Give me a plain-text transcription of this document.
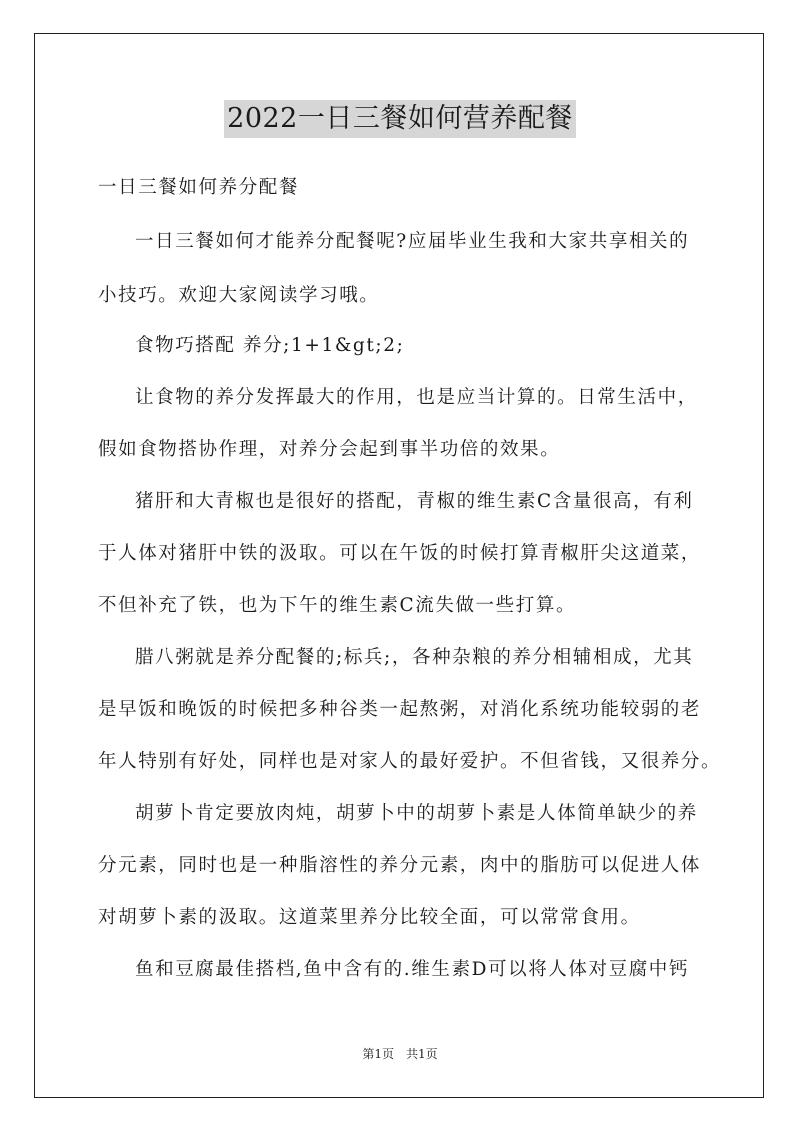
2022一日三餐如何营养配餐
一日三餐如何养分配餐
一日三餐如何才能养分配餐呢?应届毕业生我和大家共享相关的
小技巧。欢迎大家阅读学习哦。
食物巧搭配 养分;1+1&gt;2;
让食物的养分发挥最大的作用，也是应当计算的。日常生活中，
假如食物搭协作理，对养分会起到事半功倍的效果。
猪肝和大青椒也是很好的搭配，青椒的维生素C含量很高，有利
于人体对猪肝中铁的汲取。可以在午饭的时候打算青椒肝尖这道菜，
不但补充了铁，也为下午的维生素C流失做一些打算。
腊八粥就是养分配餐的;标兵;，各种杂粮的养分相辅相成，尤其
是早饭和晚饭的时候把多种谷类一起熬粥，对消化系统功能较弱的老
年人特别有好处，同样也是对家人的最好爱护。不但省钱，又很养分。
胡萝卜肯定要放肉炖，胡萝卜中的胡萝卜素是人体简单缺少的养
分元素，同时也是一种脂溶性的养分元素，肉中的脂肪可以促进人体
对胡萝卜素的汲取。这道菜里养分比较全面，可以常常食用。
鱼和豆腐最佳搭档,鱼中含有的.维生素D可以将人体对豆腐中钙
第1页　共1页
